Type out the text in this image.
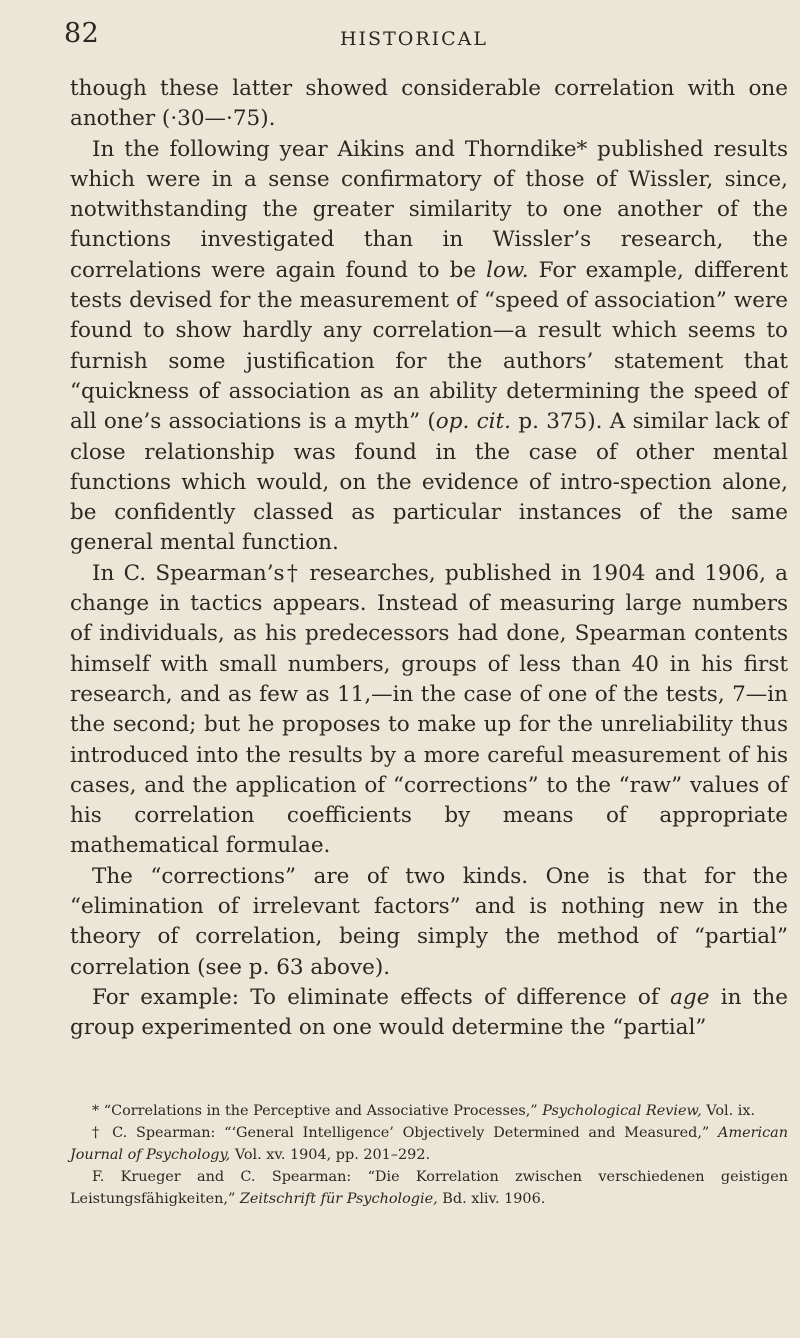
82	HISTORICAL

though these latter showed considerable correlation with one another (·30—·75).

In the following year Aikins and Thorndike* published results which were in a sense confirmatory of those of Wissler, since, notwithstanding the greater similarity to one another of the functions investigated than in Wissler’s research, the correlations were again found to be low. For example, different tests devised for the measurement of “speed of association” were found to show hardly any correlation—a result which seems to furnish some justification for the authors’ statement that “quickness of association as an ability determining the speed of all one’s associations is a myth” (op. cit. p. 375). A similar lack of close relationship was found in the case of other mental functions which would, on the evidence of intro-spection alone, be confidently classed as particular instances of the same general mental function.

In C. Spearman’s† researches, published in 1904 and 1906, a change in tactics appears. Instead of measuring large numbers of individuals, as his predecessors had done, Spearman contents himself with small numbers, groups of less than 40 in his first research, and as few as 11,—in the case of one of the tests, 7—in the second; but he proposes to make up for the unreliability thus introduced into the results by a more careful measurement of his cases, and the application of “corrections” to the “raw” values of his correlation coefficients by means of appropriate mathematical formulae.

The “corrections” are of two kinds. One is that for the “elimination of irrelevant factors” and is nothing new in the theory of correlation, being simply the method of “partial” correlation (see p. 63 above).

For example: To eliminate effects of difference of age in the group experimented on one would determine the “partial”

* “Correlations in the Perceptive and Associative Processes,” Psychological Review, Vol. ix.

† C. Spearman: “‘General Intelligence’ Objectively Determined and Measured,” American Journal of Psychology, Vol. xv. 1904, pp. 201–292.

F. Krueger and C. Spearman: “Die Korrelation zwischen verschiedenen geistigen Leistungsfähigkeiten,” Zeitschrift für Psychologie, Bd. xliv. 1906.
